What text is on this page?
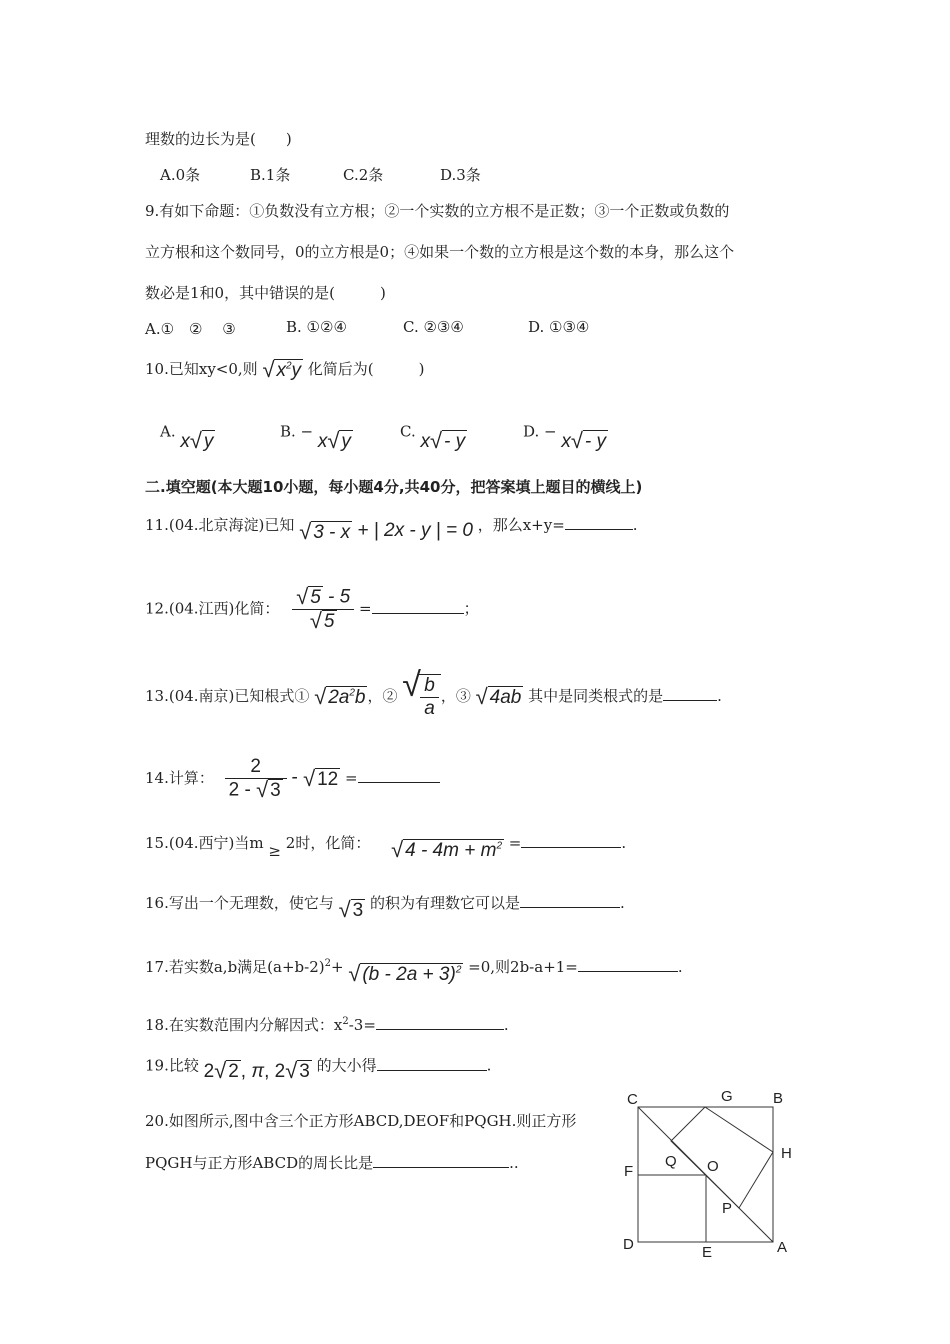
理数的边长为是(　　)
A.0条	B.1条	C.2条	D.3条
9.有如下命题：①负数没有立方根；②一个实数的立方根不是正数；③一个正数或负数的
立方根和这个数同号，0的立方根是0；④如果一个数的立方根是这个数的本身，那么这个
数必是1和0，其中错误的是(　　　)
A.①　②　 ③	B. ①②④	C. ②③④	D. ①③④
10.已知xy<0,则 √ $x^2y$ 化简后为(　　　)
A. x √ y	B. − x √ y	C. x √ - y	D. − x √ - y
二.填空题(本大题10小题，每小题4分,共40分，把答案填上题目的横线上)
11.(04.北京海淀)已知 √ 3 - x + | 2x - y | = 0 ，那么x+y=	.
12.(04.江西)化简： $\frac{√ 5 - 5}{√ 5}$ =	；
13.(04.南京)已知根式① √ $2a^2b$ ，② √ $\frac{b}{a}$ ，③ √ 4ab 其中是同类根式的是	.
14.计算： $\frac{2}{2 - √ 3}$ - √ 12 =
15.(04.西宁)当m ≥ 2时，化简： √ $4 - 4m + m^2$ =	.
16.写出一个无理数，使它与 √ 3 的积为有理数它可以是	.
17.若实数a,b满足$(a+b-2)^2+$ √ $(b - 2a + 3)^2 =0$,则2b-a+1=	.
18.在实数范围内分解因式：$x^2-3=$	.
19.比较 2 √ 2 , π, 2 √ 3 的大小得	.
20.如图所示,图中含三个正方形ABCD,DEOF和PQGH.则正方形
PQGH与正方形ABCD的周长比是	..
C	G	B
H
F
Q O
P
D	E	A
